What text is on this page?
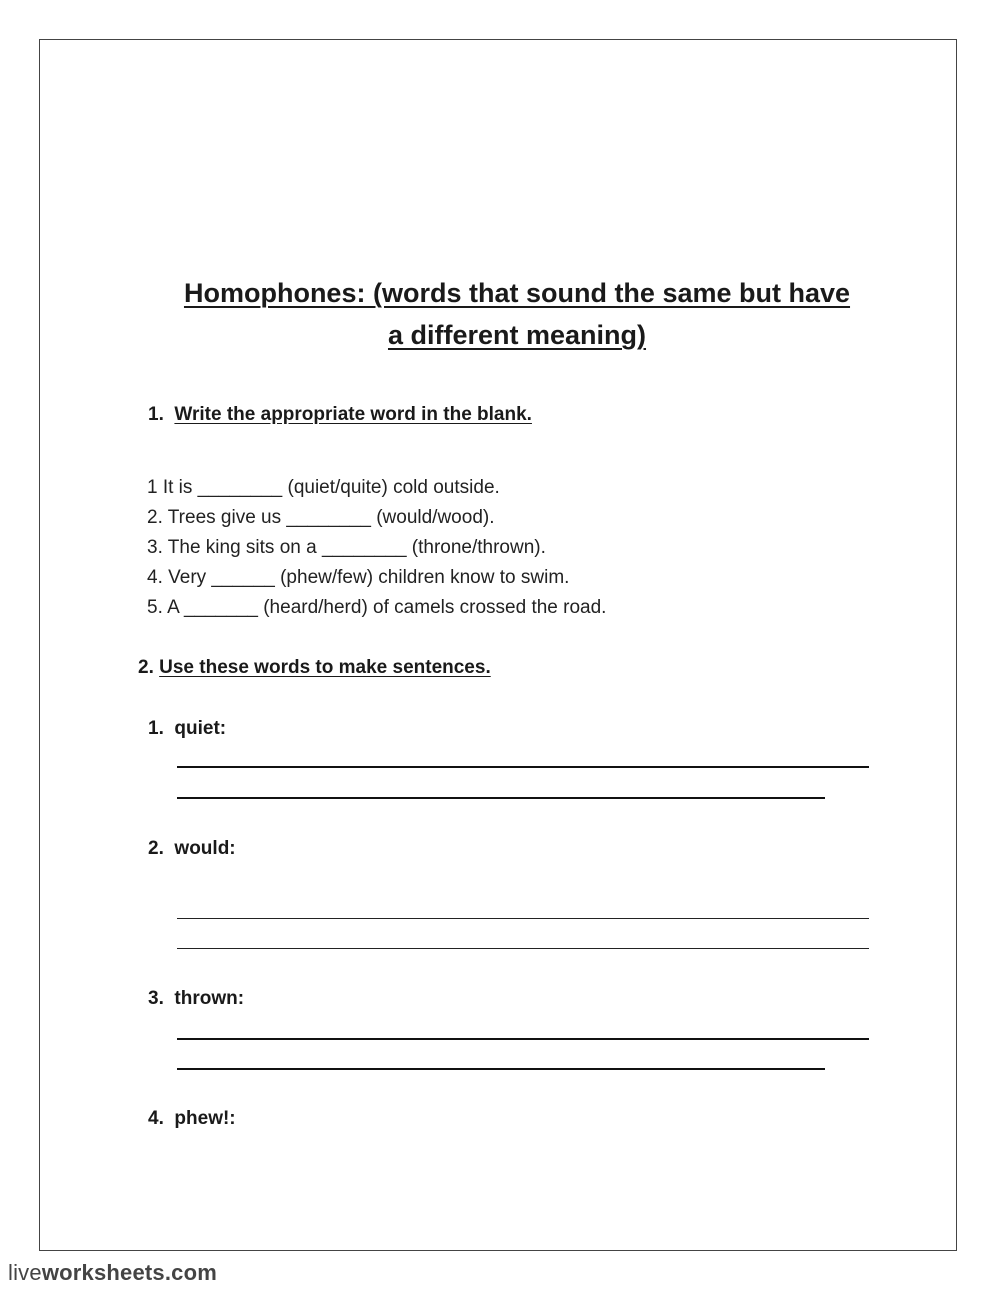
Homophones: (words that sound the same but have
a different meaning)
1. Write the appropriate word in the blank.
1 It is ________ (quiet/quite) cold outside.
2. Trees give us ________ (would/wood).
3. The king sits on a ________ (throne/thrown).
4. Very ______ (phew/few) children know to swim.
5. A _______ (heard/herd) of camels crossed the road.
2. Use these words to make sentences.
1. quiet:
2. would:
3. thrown:
4. phew!:
liveworksheets.com
